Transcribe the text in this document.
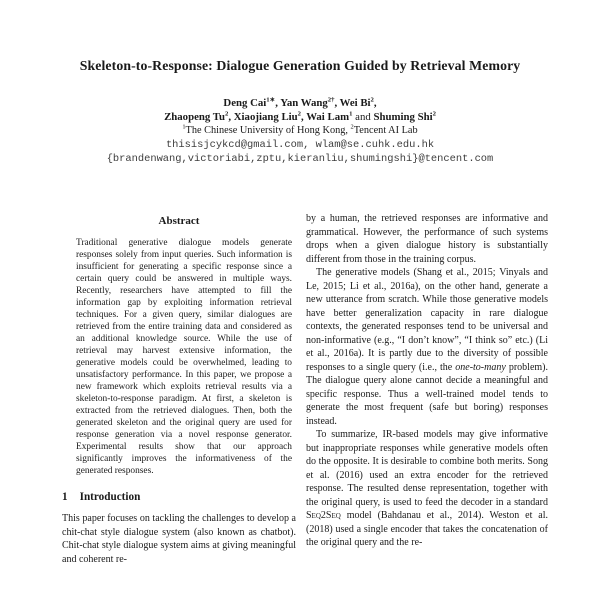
Skeleton-to-Response: Dialogue Generation Guided by Retrieval Memory
Deng Cai$^{1∗}$, Yan Wang$^{2\dagger}$, Wei Bi$^2$,
Zhaopeng Tu$^2$, Xiaojiang Liu$^2$, Wai Lam$^1$ and Shuming Shi$^2$
$^1$The Chinese University of Hong Kong, $^2$Tencent AI Lab
thisisjcykcd@gmail.com, wlam@se.cuhk.edu.hk
{brandenwang,victoriabi,zptu,kieranliu,shumingshi}@tencent.com
Abstract

Traditional generative dialogue models generate responses solely from input queries. Such information is insufficient for generating a specific response since a certain query could be answered in multiple ways. Recently, researchers have attempted to fill the information gap by exploiting information retrieval techniques. For a given query, similar dialogues are retrieved from the entire training data and considered as an additional knowledge source. While the use of retrieval may harvest extensive information, the generative models could be overwhelmed, leading to unsatisfactory performance. In this paper, we propose a new framework which exploits retrieval results via a skeleton-to-response paradigm. At first, a skeleton is extracted from the retrieved dialogues. Then, both the generated skeleton and the original query are used for response generation via a novel response generator. Experimental results show that our approach significantly improves the informativeness of the generated responses.

1 Introduction

This paper focuses on tackling the challenges to develop a chit-chat style dialogue system (also known as chatbot). Chit-chat style dialogue system aims at giving meaningful and coherent re-

by a human, the retrieved responses are informative and grammatical. However, the performance of such systems drops when a given dialogue history is substantially different from those in the training corpus.

The generative models (Shang et al., 2015; Vinyals and Le, 2015; Li et al., 2016a), on the other hand, generate a new utterance from scratch. While those generative models have better generalization capacity in rare dialogue contexts, the generated responses tend to be universal and non-informative (e.g., “I don’t know”, “I think so” etc.) (Li et al., 2016a). It is partly due to the diversity of possible responses to a single query (i.e., the one-to-many problem). The dialogue query alone cannot decide a meaningful and specific response. Thus a well-trained model tends to generate the most frequent (safe but boring) responses instead.

To summarize, IR-based models may give informative but inappropriate responses while generative models often do the opposite. It is desirable to combine both merits. Song et al. (2016) used an extra encoder for the retrieved response. The resulted dense representation, together with the original query, is used to feed the decoder in a standard Seq2Seq model (Bahdanau et al., 2014). Weston et al. (2018) used a single encoder that takes the concatenation of the original query and the re-
